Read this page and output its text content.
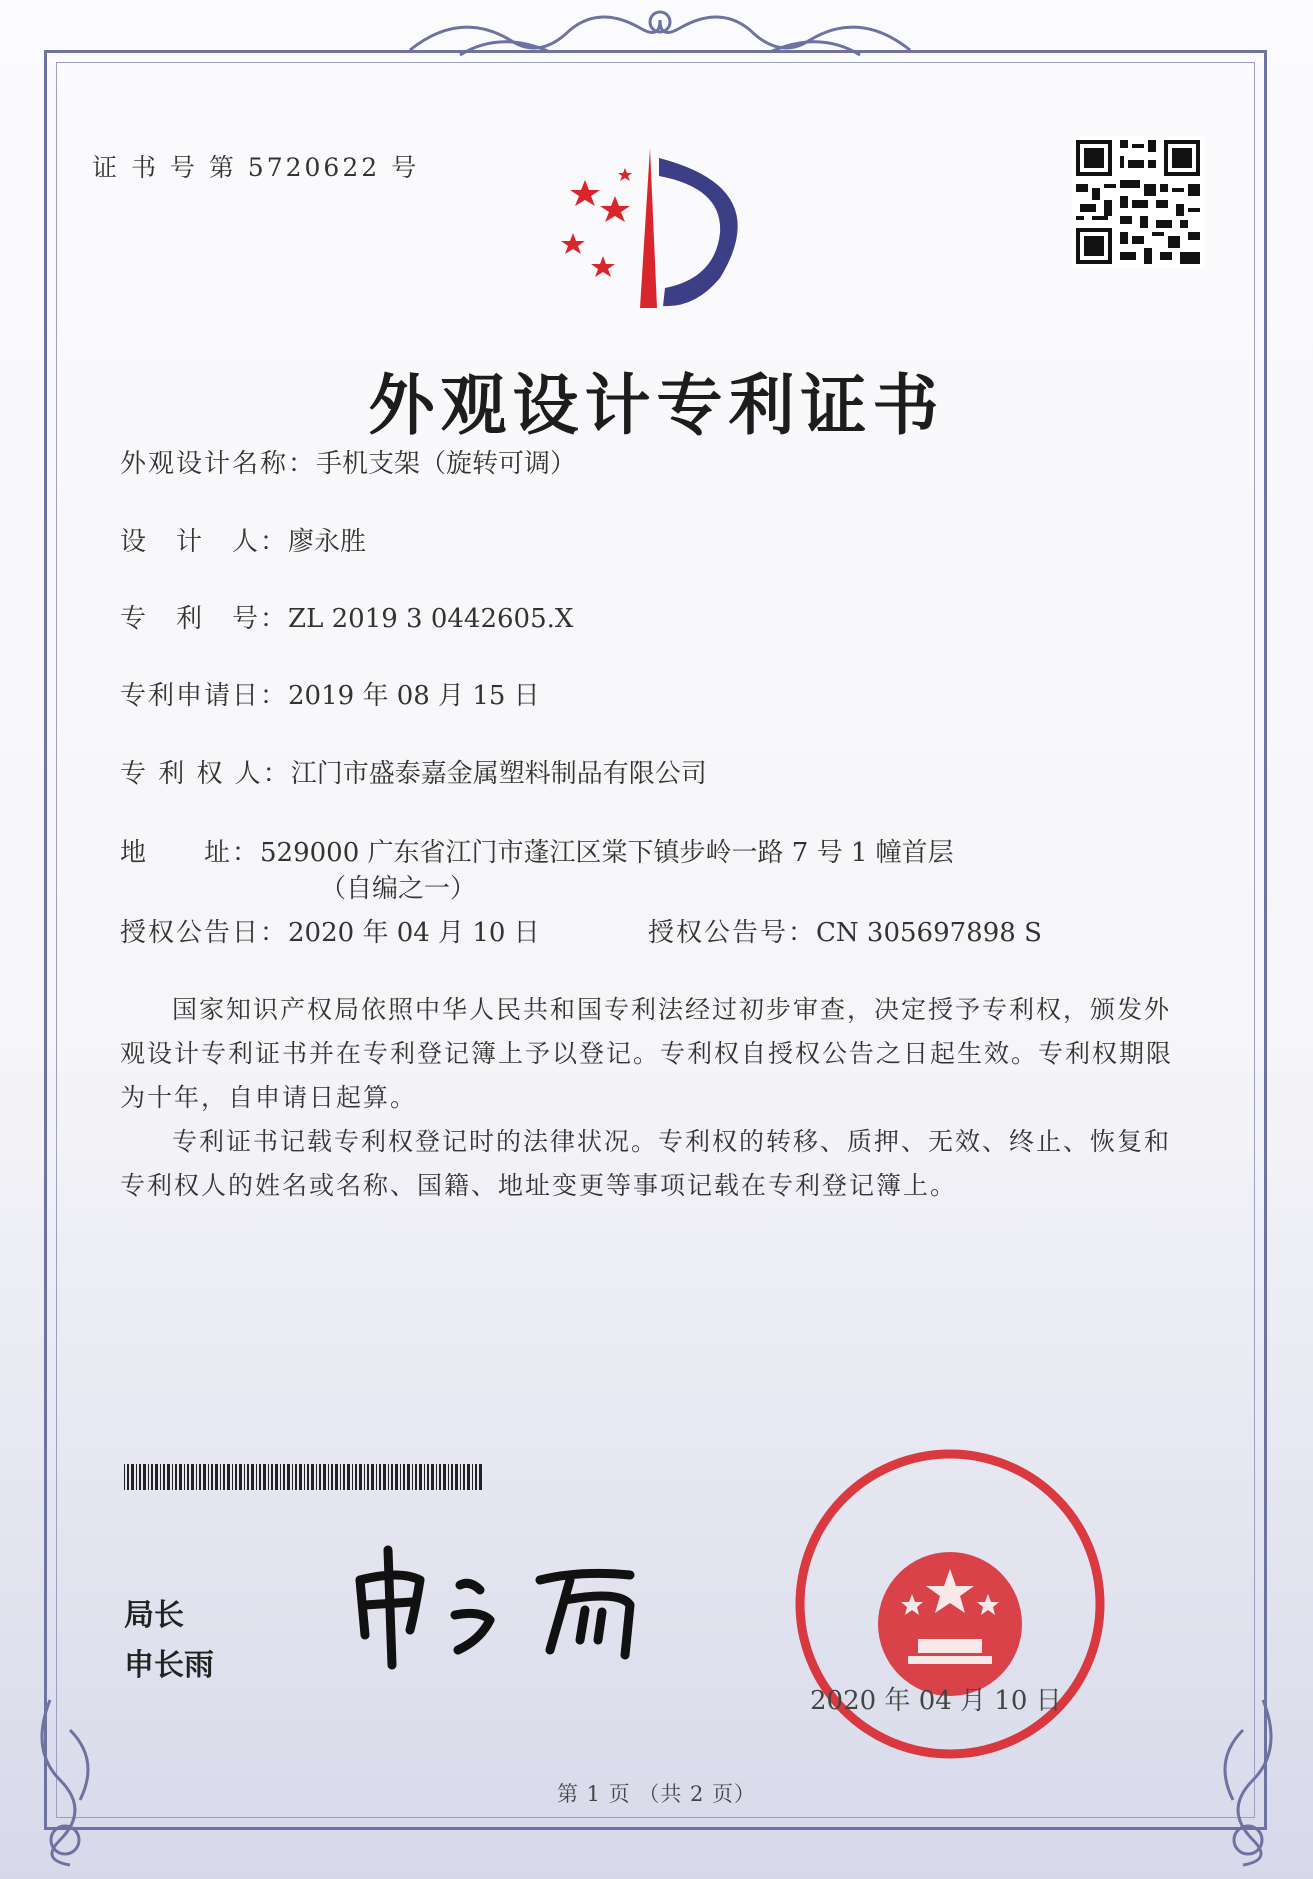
证 书 号 第 5720622 号
外观设计专利证书
外观设计名称：手机支架（旋转可调）
设　计　人：廖永胜
专　利　号：ZL 2019 3 0442605.X
专利申请日：2019 年 08 月 15 日
专 利 权 人：江门市盛泰嘉金属塑料制品有限公司
地　　址：529000 广东省江门市蓬江区棠下镇步岭一路 7 号 1 幢首层
（自编之一）
授权公告日：2020 年 04 月 10 日	授权公告号：CN 305697898 S

国家知识产权局依照中华人民共和国专利法经过初步审查，决定授予专利权，颁发外观设计专利证书并在专利登记簿上予以登记。专利权自授权公告之日起生效。专利权期限为十年，自申请日起算。

专利证书记载专利权登记时的法律状况。专利权的转移、质押、无效、终止、恢复和专利权人的姓名或名称、国籍、地址变更等事项记载在专利登记簿上。

局长
申长雨
2020 年 04 月 10 日
第 1 页 （共 2 页）
